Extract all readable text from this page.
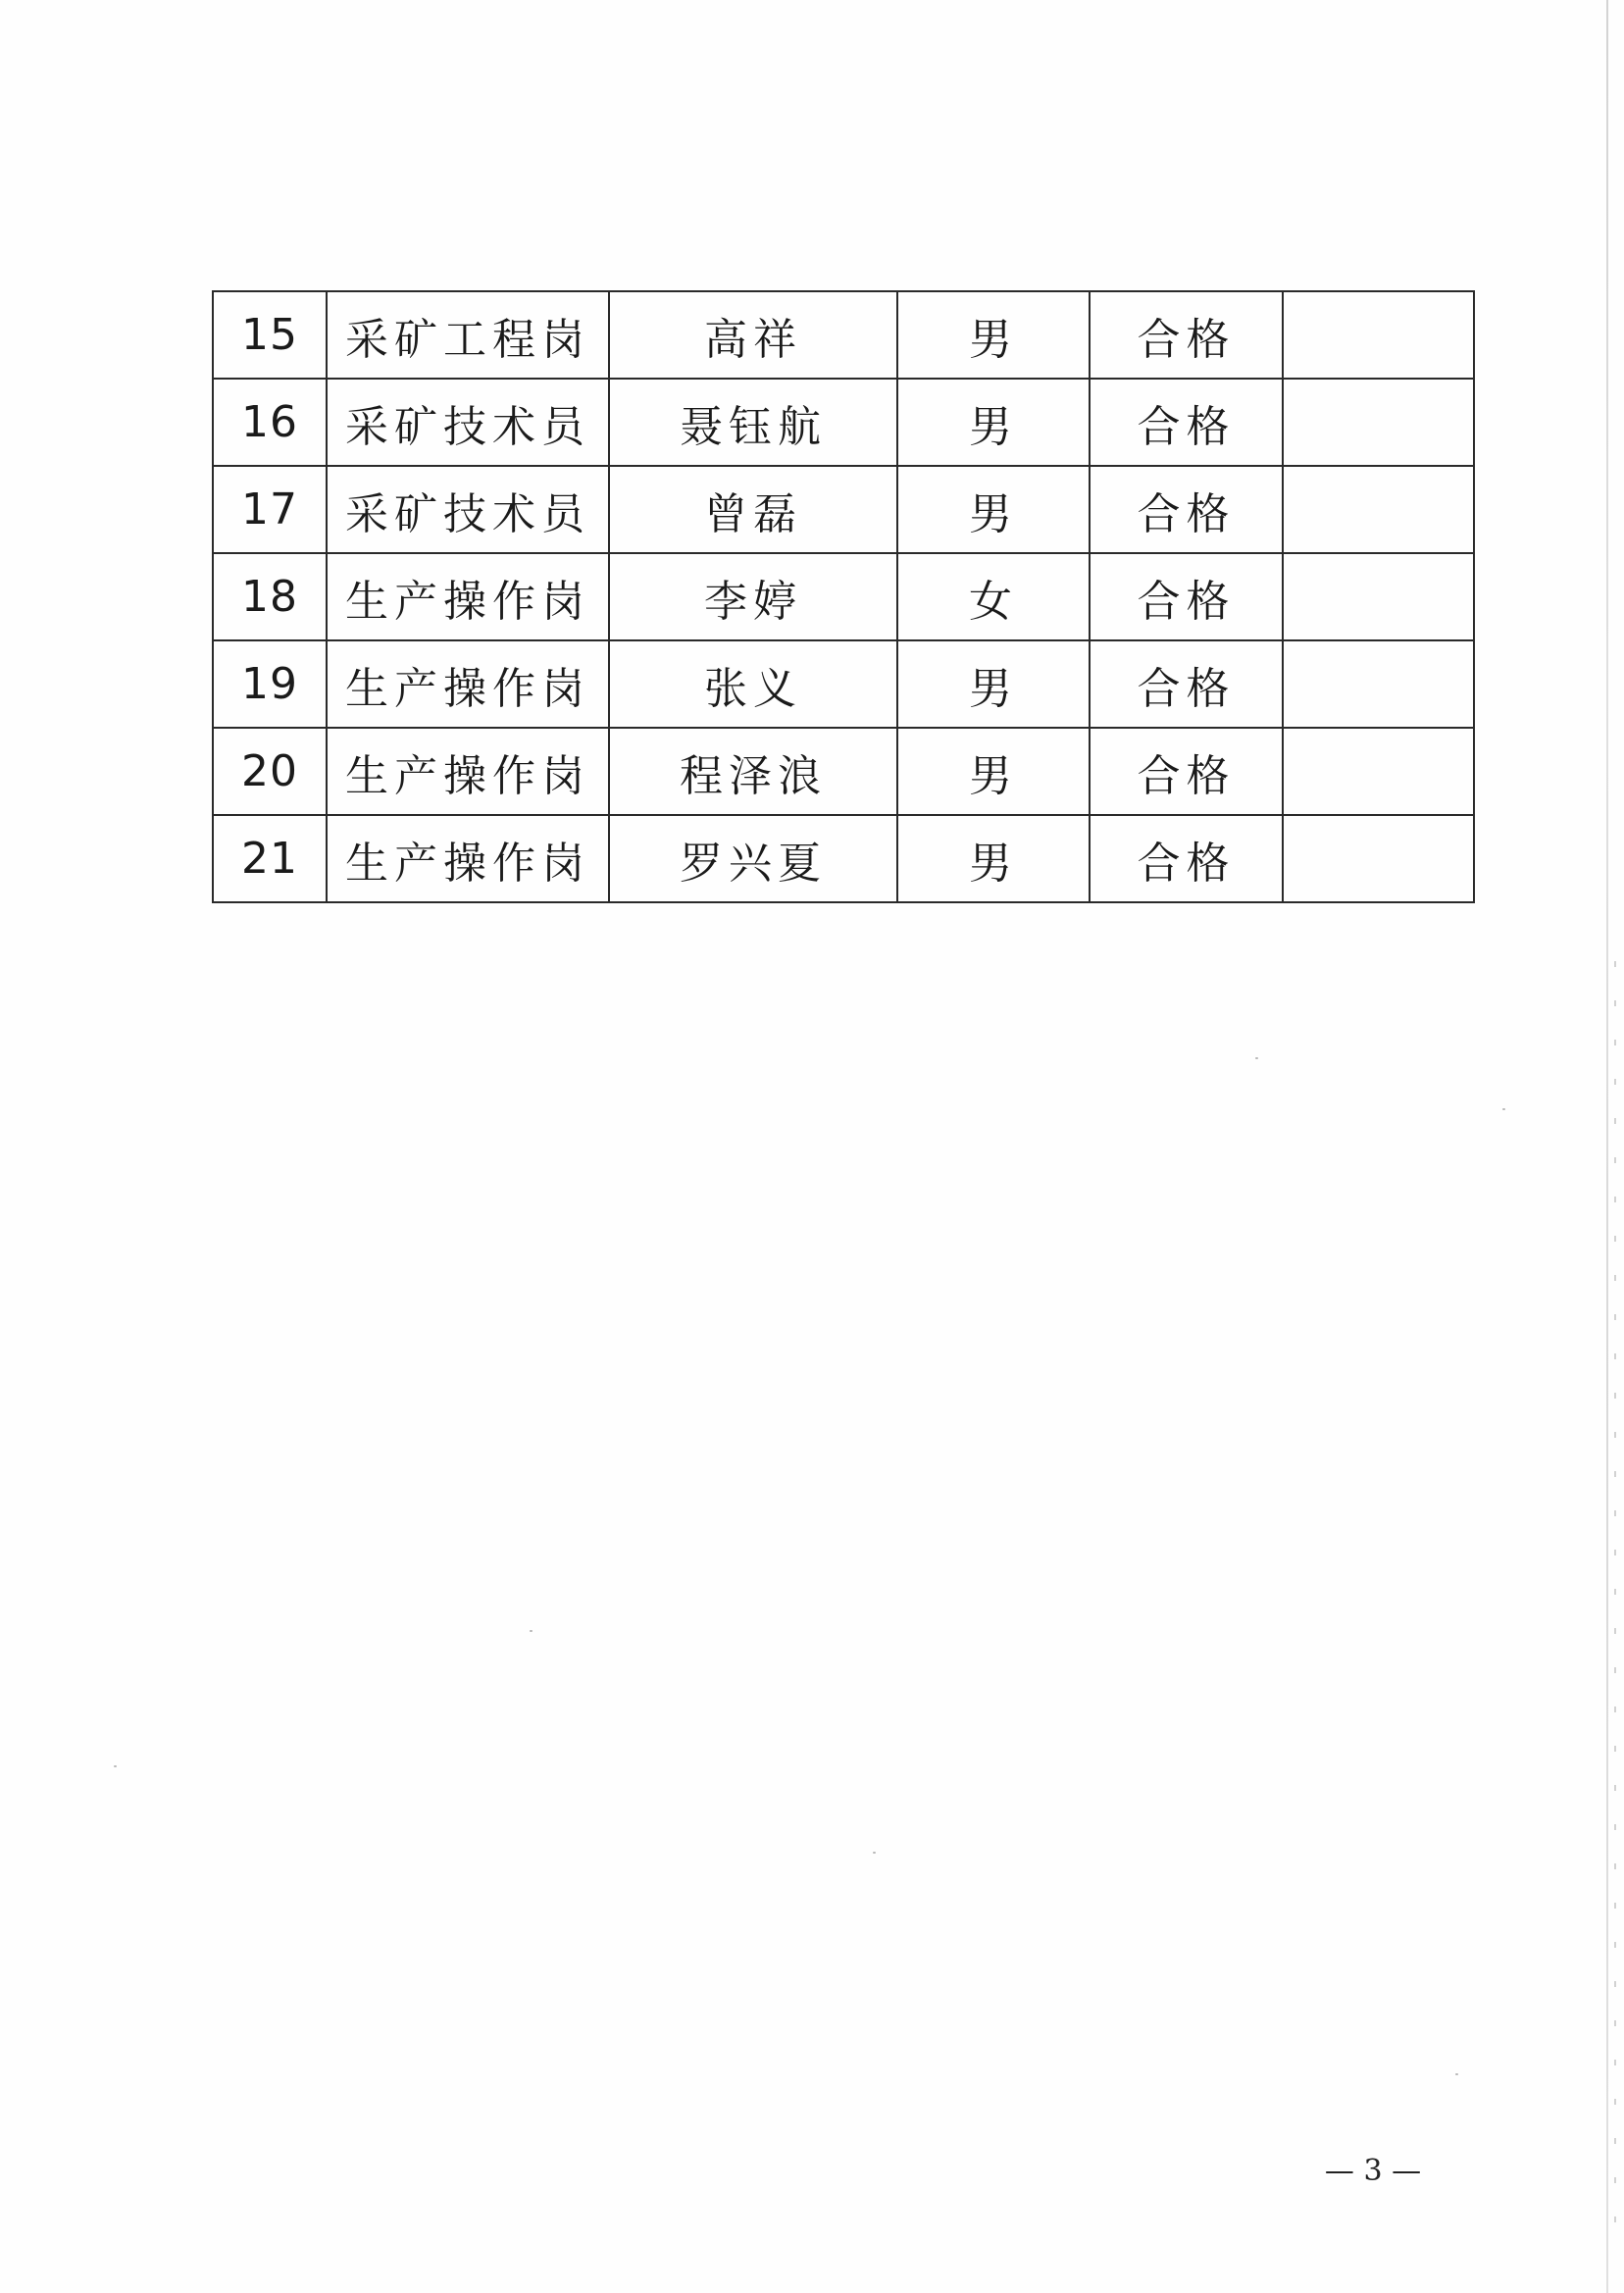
15	采矿工程岗	高祥	男	合格	
16	采矿技术员	聂钰航	男	合格	
17	采矿技术员	曾磊	男	合格	
18	生产操作岗	李婷	女	合格	
19	生产操作岗	张义	男	合格	
20	生产操作岗	程泽浪	男	合格	
21	生产操作岗	罗兴夏	男	合格	
— 3 —
